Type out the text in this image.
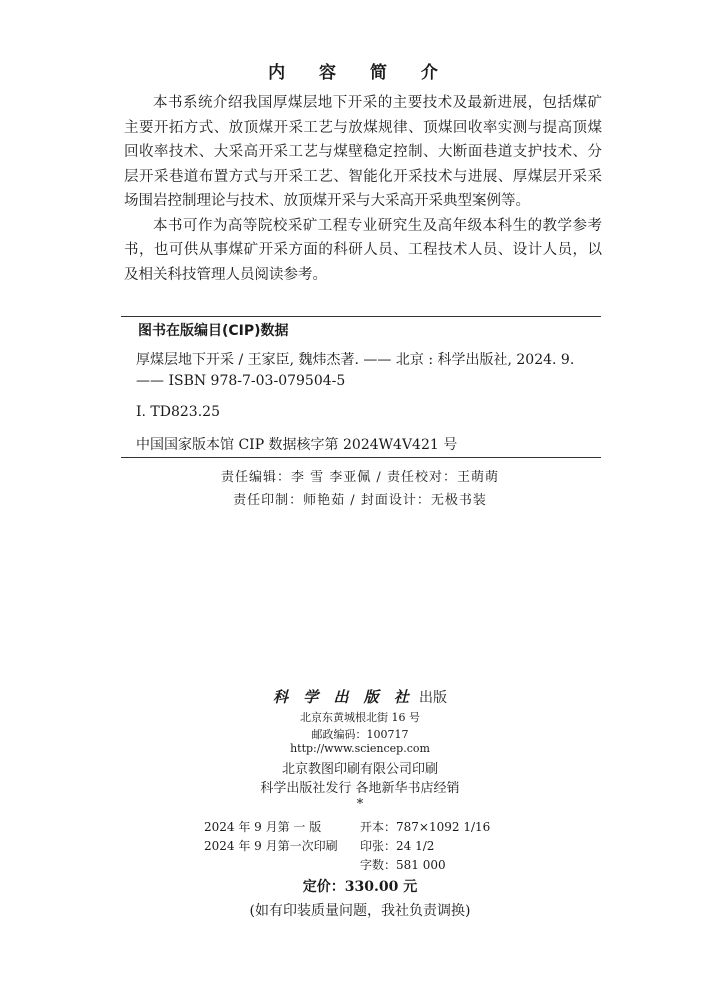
内 容 简 介

本书系统介绍我国厚煤层地下开采的主要技术及最新进展，包括煤矿主要开拓方式、放顶煤开采工艺与放煤规律、顶煤回收率实测与提高顶煤回收率技术、大采高开采工艺与煤壁稳定控制、大断面巷道支护技术、分层开采巷道布置方式与开采工艺、智能化开采技术与进展、厚煤层开采采场围岩控制理论与技术、放顶煤开采与大采高开采典型案例等。

本书可作为高等院校采矿工程专业研究生及高年级本科生的教学参考书，也可供从事煤矿开采方面的科研人员、工程技术人员、设计人员，以及相关科技管理人员阅读参考。

图书在版编目(CIP)数据
厚煤层地下开采 / 王家臣, 魏炜杰著. —— 北京 : 科学出版社, 2024. 9.
—— ISBN 978-7-03-079504-5
Ⅰ. TD823.25
中国国家版本馆 CIP 数据核字第 2024W4V421 号
责任编辑：李 雪 李亚佩 / 责任校对：王萌萌
责任印制：师艳茹 / 封面设计：无极书装
科 学 出 版 社 出版
北京东黄城根北街 16 号
邮政编码：100717
http://www.sciencep.com
北京教图印刷有限公司印刷
科学出版社发行 各地新华书店经销
*
2024 年 9 月第 一 版	开本：787×1092 1/16
2024 年 9 月第一次印刷 印张：24 1/2
字数：581 000
定价：330.00 元
(如有印装质量问题，我社负责调换)
